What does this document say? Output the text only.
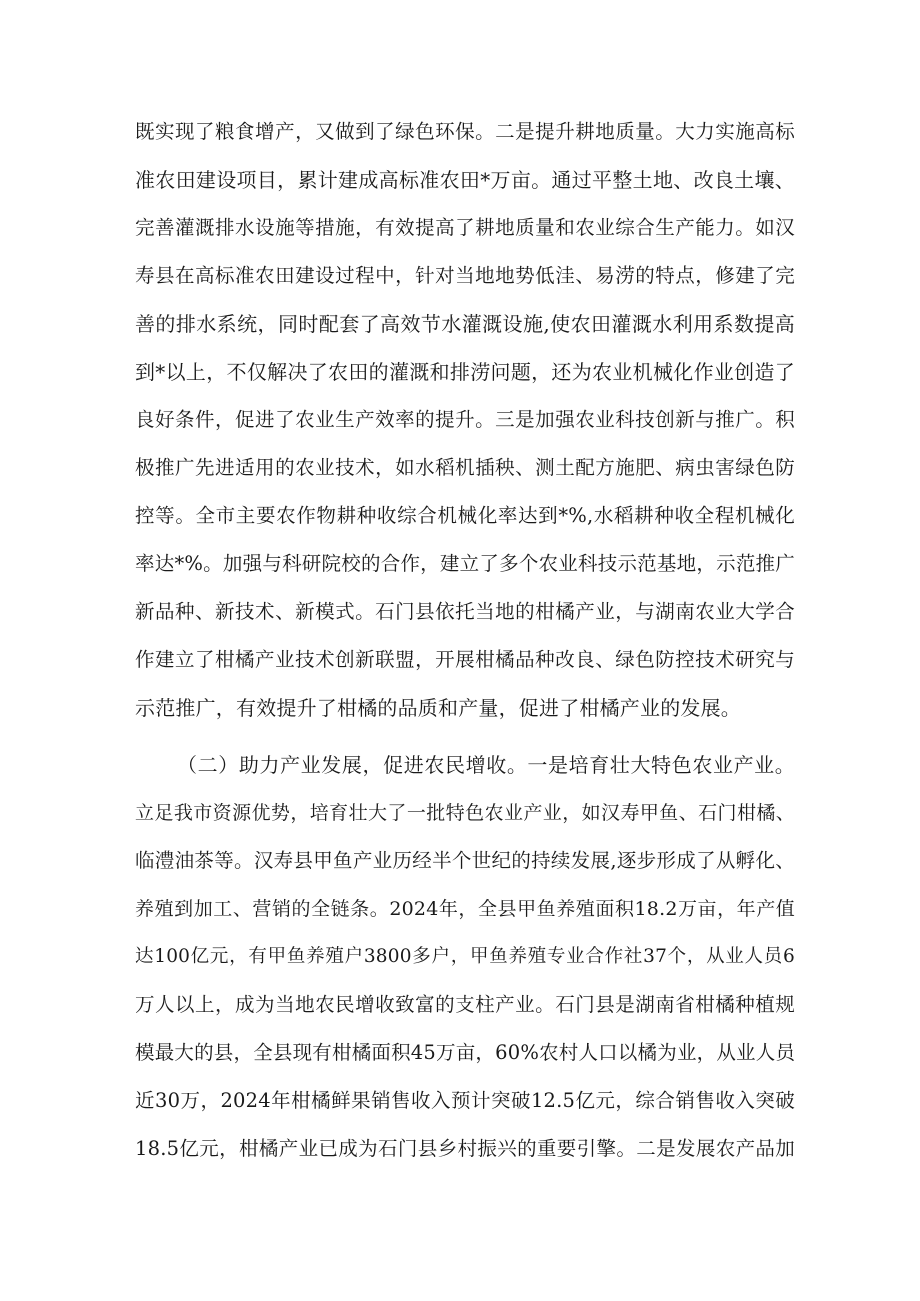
既实现了粮食增产，又做到了绿色环保。二是提升耕地质量。大力实施高标
准农田建设项目，累计建成高标准农田*万亩。通过平整土地、改良土壤、
完善灌溉排水设施等措施，有效提高了耕地质量和农业综合生产能力。如汉
寿县在高标准农田建设过程中，针对当地地势低洼、易涝的特点，修建了完
善的排水系统，同时配套了高效节水灌溉设施,使农田灌溉水利用系数提高
到*以上，不仅解决了农田的灌溉和排涝问题，还为农业机械化作业创造了
良好条件，促进了农业生产效率的提升。三是加强农业科技创新与推广。积
极推广先进适用的农业技术，如水稻机插秧、测土配方施肥、病虫害绿色防
控等。全市主要农作物耕种收综合机械化率达到*%,水稻耕种收全程机械化
率达*%。加强与科研院校的合作，建立了多个农业科技示范基地，示范推广
新品种、新技术、新模式。石门县依托当地的柑橘产业，与湖南农业大学合
作建立了柑橘产业技术创新联盟，开展柑橘品种改良、绿色防控技术研究与
示范推广，有效提升了柑橘的品质和产量，促进了柑橘产业的发展。
（二）助力产业发展，促进农民增收。一是培育壮大特色农业产业。
立足我市资源优势，培育壮大了一批特色农业产业，如汉寿甲鱼、石门柑橘、
临澧油茶等。汉寿县甲鱼产业历经半个世纪的持续发展,逐步形成了从孵化、
养殖到加工、营销的全链条。2024年，全县甲鱼养殖面积18.2万亩，年产值
达100亿元，有甲鱼养殖户3800多户，甲鱼养殖专业合作社37个，从业人员6
万人以上，成为当地农民增收致富的支柱产业。石门县是湖南省柑橘种植规
模最大的县，全县现有柑橘面积45万亩，60%农村人口以橘为业，从业人员
近30万，2024年柑橘鲜果销售收入预计突破12.5亿元，综合销售收入突破
18.5亿元，柑橘产业已成为石门县乡村振兴的重要引擎。二是发展农产品加
